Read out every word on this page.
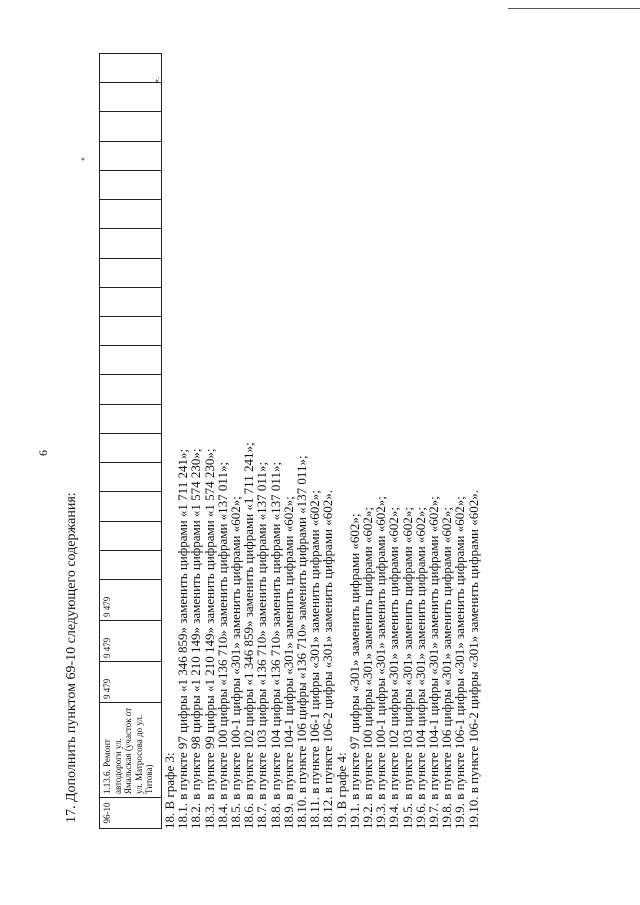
6
17. Дополнить пунктом 69-10 следующего содержания:
«
».
96-10	1.13.6. Ремонт автодороги ул. Ямальская (участок от ул. Матросова до ул. Титова)	9 479	9 479	9 479																		
18. В графе 3:
18.1. в пункте 97 цифры «1 346 859» заменить цифрами «1 711 241»;
18.2. в пункте 98 цифры «1 210 149» заменить цифрами «1 574 230»;
18.3. в пункте 99 цифры «1 210 149» заменить цифрами «1 574 230»;
18.4. в пункте 100 цифры «136 710» заменить цифрами «137 011»;
18.5. в пункте 100-1 цифры «301» заменить цифрами «602»;
18.6. в пункте 102 цифры «1 346 859» заменить цифрами «1 711 241»;
18.7. в пункте 103 цифры «136 710» заменить цифрами «137 011»;
18.8. в пункте 104 цифры «136 710» заменить цифрами «137 011»;
18.9. в пункте 104-1 цифры «301» заменить цифрами «602»;
18.10. в пункте 106 цифры «136 710» заменить цифрами «137 011»;
18.11. в пункте 106-1 цифры «301» заменить цифрами «602»;
18.12. в пункте 106-2 цифры «301» заменить цифрами «602».
19. В графе 4:
19.1. в пункте 97 цифры «301» заменить цифрами «602»;
19.2. в пункте 100 цифры «301» заменить цифрами «602»;
19.3. в пункте 100-1 цифры «301» заменить цифрами «602»;
19.4. в пункте 102 цифры «301» заменить цифрами «602»;
19.5. в пункте 103 цифры «301» заменить цифрами «602»;
19.6. в пункте 104 цифры «301» заменить цифрами «602»;
19.7. в пункте 104-1 цифры «301» заменить цифрами «602»;
19.8. в пункте 106 цифры «301» заменить цифрами «602»;
19.9. в пункте 106-1 цифры «301» заменить цифрами «602»;
19.10. в пункте 106-2 цифры «301» заменить цифрами «602».
